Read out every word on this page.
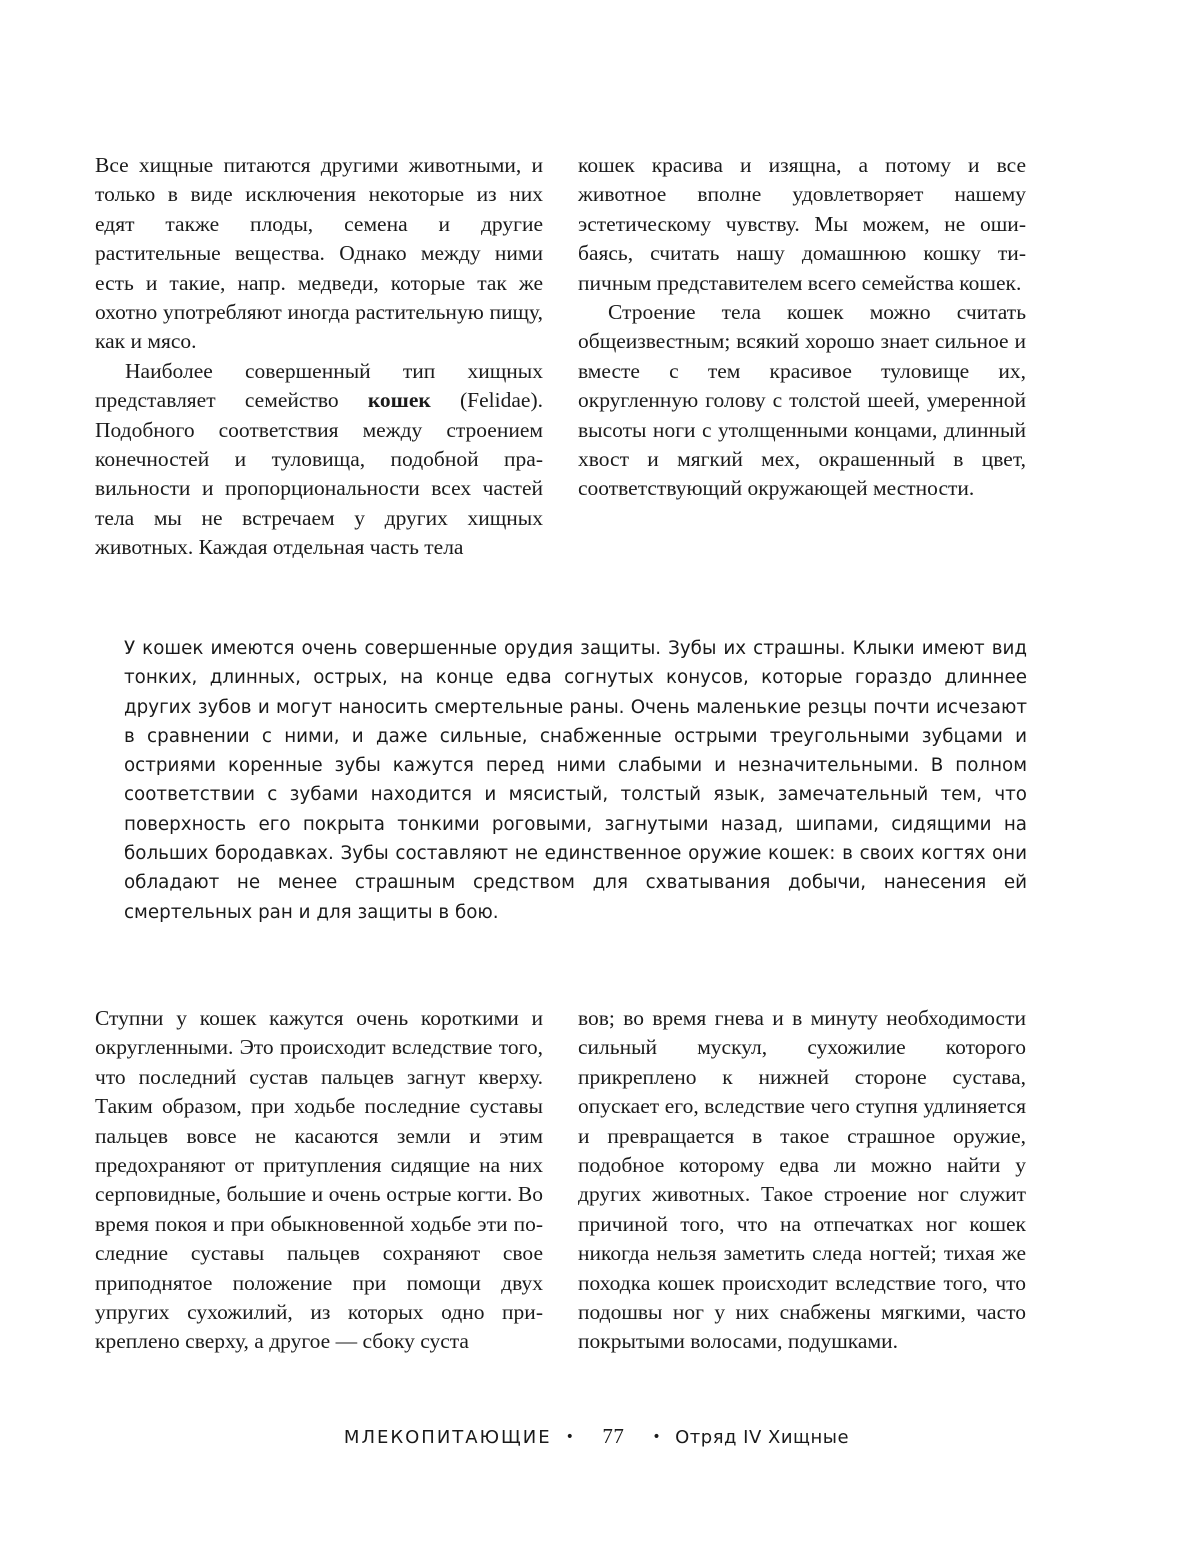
Все хищные питаются другими животными, и только в виде исключения некоторые из них едят также плоды, семена и другие растительные вещества. Однако между ними есть и такие, напр. медведи, которые так же охотно употребляют иногда растительную пищу, как и мясо.

Наиболее совершенный тип хищных представляет семейство кошек (Felidae). Подобного соответствия между строением конечностей и туловища, подобной правильности и пропорциональности всех частей тела мы не встречаем у других хищных животных. Каждая отдельная часть тела

кошек красива и изящна, а потому и все животное вполне удовлетворяет нашему эстетическому чувству. Мы можем, не ошибаясь, считать нашу домашнюю кошку типичным представителем всего семейства кошек.

Строение тела кошек можно считать общеизвестным; всякий хорошо знает сильное и вместе с тем красивое туловище их, округленную голову с толстой шеей, умеренной высоты ноги с утолщенными концами, длинный хвост и мягкий мех, окрашенный в цвет, соответствующий окружающей местности.

У кошек имеются очень совершенные орудия защиты. Зубы их страшны. Клыки имеют вид тонких, длинных, острых, на конце едва согнутых конусов, которые гораздо длиннее других зубов и могут наносить смертельные раны. Очень маленькие резцы почти исчезают в сравнении с ними, и даже сильные, снабженные острыми треугольными зубцами и остриями коренные зубы кажутся перед ними слабыми и незначительными. В полном соответствии с зубами находится и мясистый, толстый язык, замечательный тем, что поверхность его покрыта тонкими роговыми, загнутыми назад, шипами, сидящими на больших бородавках. Зубы составляют не единственное оружие кошек: в своих когтях они обладают не менее страшным средством для схватывания добычи, нанесения ей смертельных ран и для защиты в бою.

Ступни у кошек кажутся очень короткими и округленными. Это происходит вследствие того, что последний сустав пальцев загнут кверху. Таким образом, при ходьбе последние суставы пальцев вовсе не касаются земли и этим предохраняют от притупления сидящие на них серповидные, большие и очень острые когти. Во время покоя и при обыкновенной ходьбе эти последние суставы пальцев сохраняют свое приподнятое положение при помощи двух упругих сухожилий, из которых одно прикреплено сверху, а другое — сбоку суста

вов; во время гнева и в минуту необходимости сильный мускул, сухожилие которого прикреплено к нижней стороне сустава, опускает его, вследствие чего ступня удлиняется и превращается в такое страшное оружие, подобное которому едва ли можно найти у других животных. Такое строение ног служит причиной того, что на отпечатках ног кошек никогда нельзя заметить следа ногтей; тихая же походка кошек происходит вследствие того, что подошвы ног у них снабжены мягкими, часто покрытыми волосами, подушками.

МЛЕКОПИТАЮЩИЕ • 77 • Отряд IV Хищные
